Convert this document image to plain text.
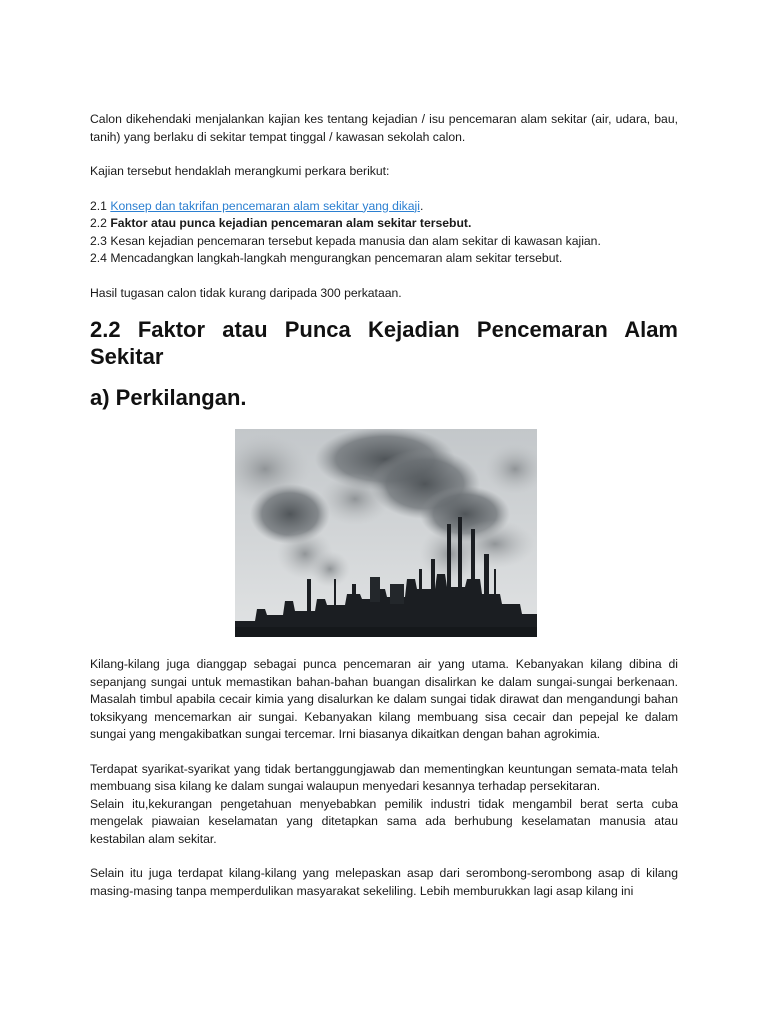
Calon dikehendaki menjalankan kajian kes tentang kejadian / isu pencemaran alam sekitar (air, udara, bau, tanih) yang berlaku di sekitar tempat tinggal / kawasan sekolah calon.

Kajian tersebut hendaklah merangkumi perkara berikut:

2.1 Konsep dan takrifan pencemaran alam sekitar yang dikaji.

2.2 Faktor atau punca kejadian pencemaran alam sekitar tersebut.

2.3 Kesan kejadian pencemaran tersebut kepada manusia dan alam sekitar di kawasan kajian.

2.4 Mencadangkan langkah-langkah mengurangkan pencemaran alam sekitar tersebut.

Hasil tugasan calon tidak kurang daripada 300 perkataan.

2.2 Faktor atau Punca Kejadian Pencemaran Alam Sekitar
a) Perkilangan.

Kilang-kilang juga dianggap sebagai punca pencemaran air yang utama. Kebanyakan kilang dibina di sepanjang sungai untuk memastikan bahan-bahan buangan disalirkan ke dalam sungai-sungai berkenaan. Masalah timbul apabila cecair kimia yang disalurkan ke dalam sungai tidak dirawat dan mengandungi bahan toksikyang mencemarkan air sungai. Kebanyakan kilang membuang sisa cecair dan pepejal ke dalam sungai yang mengakibatkan sungai tercemar. Irni biasanya dikaitkan dengan bahan agrokimia.

Terdapat syarikat-syarikat yang tidak bertanggungjawab dan mementingkan keuntungan semata-mata telah membuang sisa kilang ke dalam sungai walaupun menyedari kesannya terhadap persekitaran.

Selain itu,kekurangan pengetahuan menyebabkan pemilik industri tidak mengambil berat serta cuba mengelak piawaian keselamatan yang ditetapkan sama ada berhubung keselamatan manusia atau kestabilan alam sekitar.

Selain itu juga terdapat kilang-kilang yang melepaskan asap dari serombong-serombong asap di kilang masing-masing tanpa memperdulikan masyarakat sekeliling. Lebih memburukkan lagi asap kilang ini
